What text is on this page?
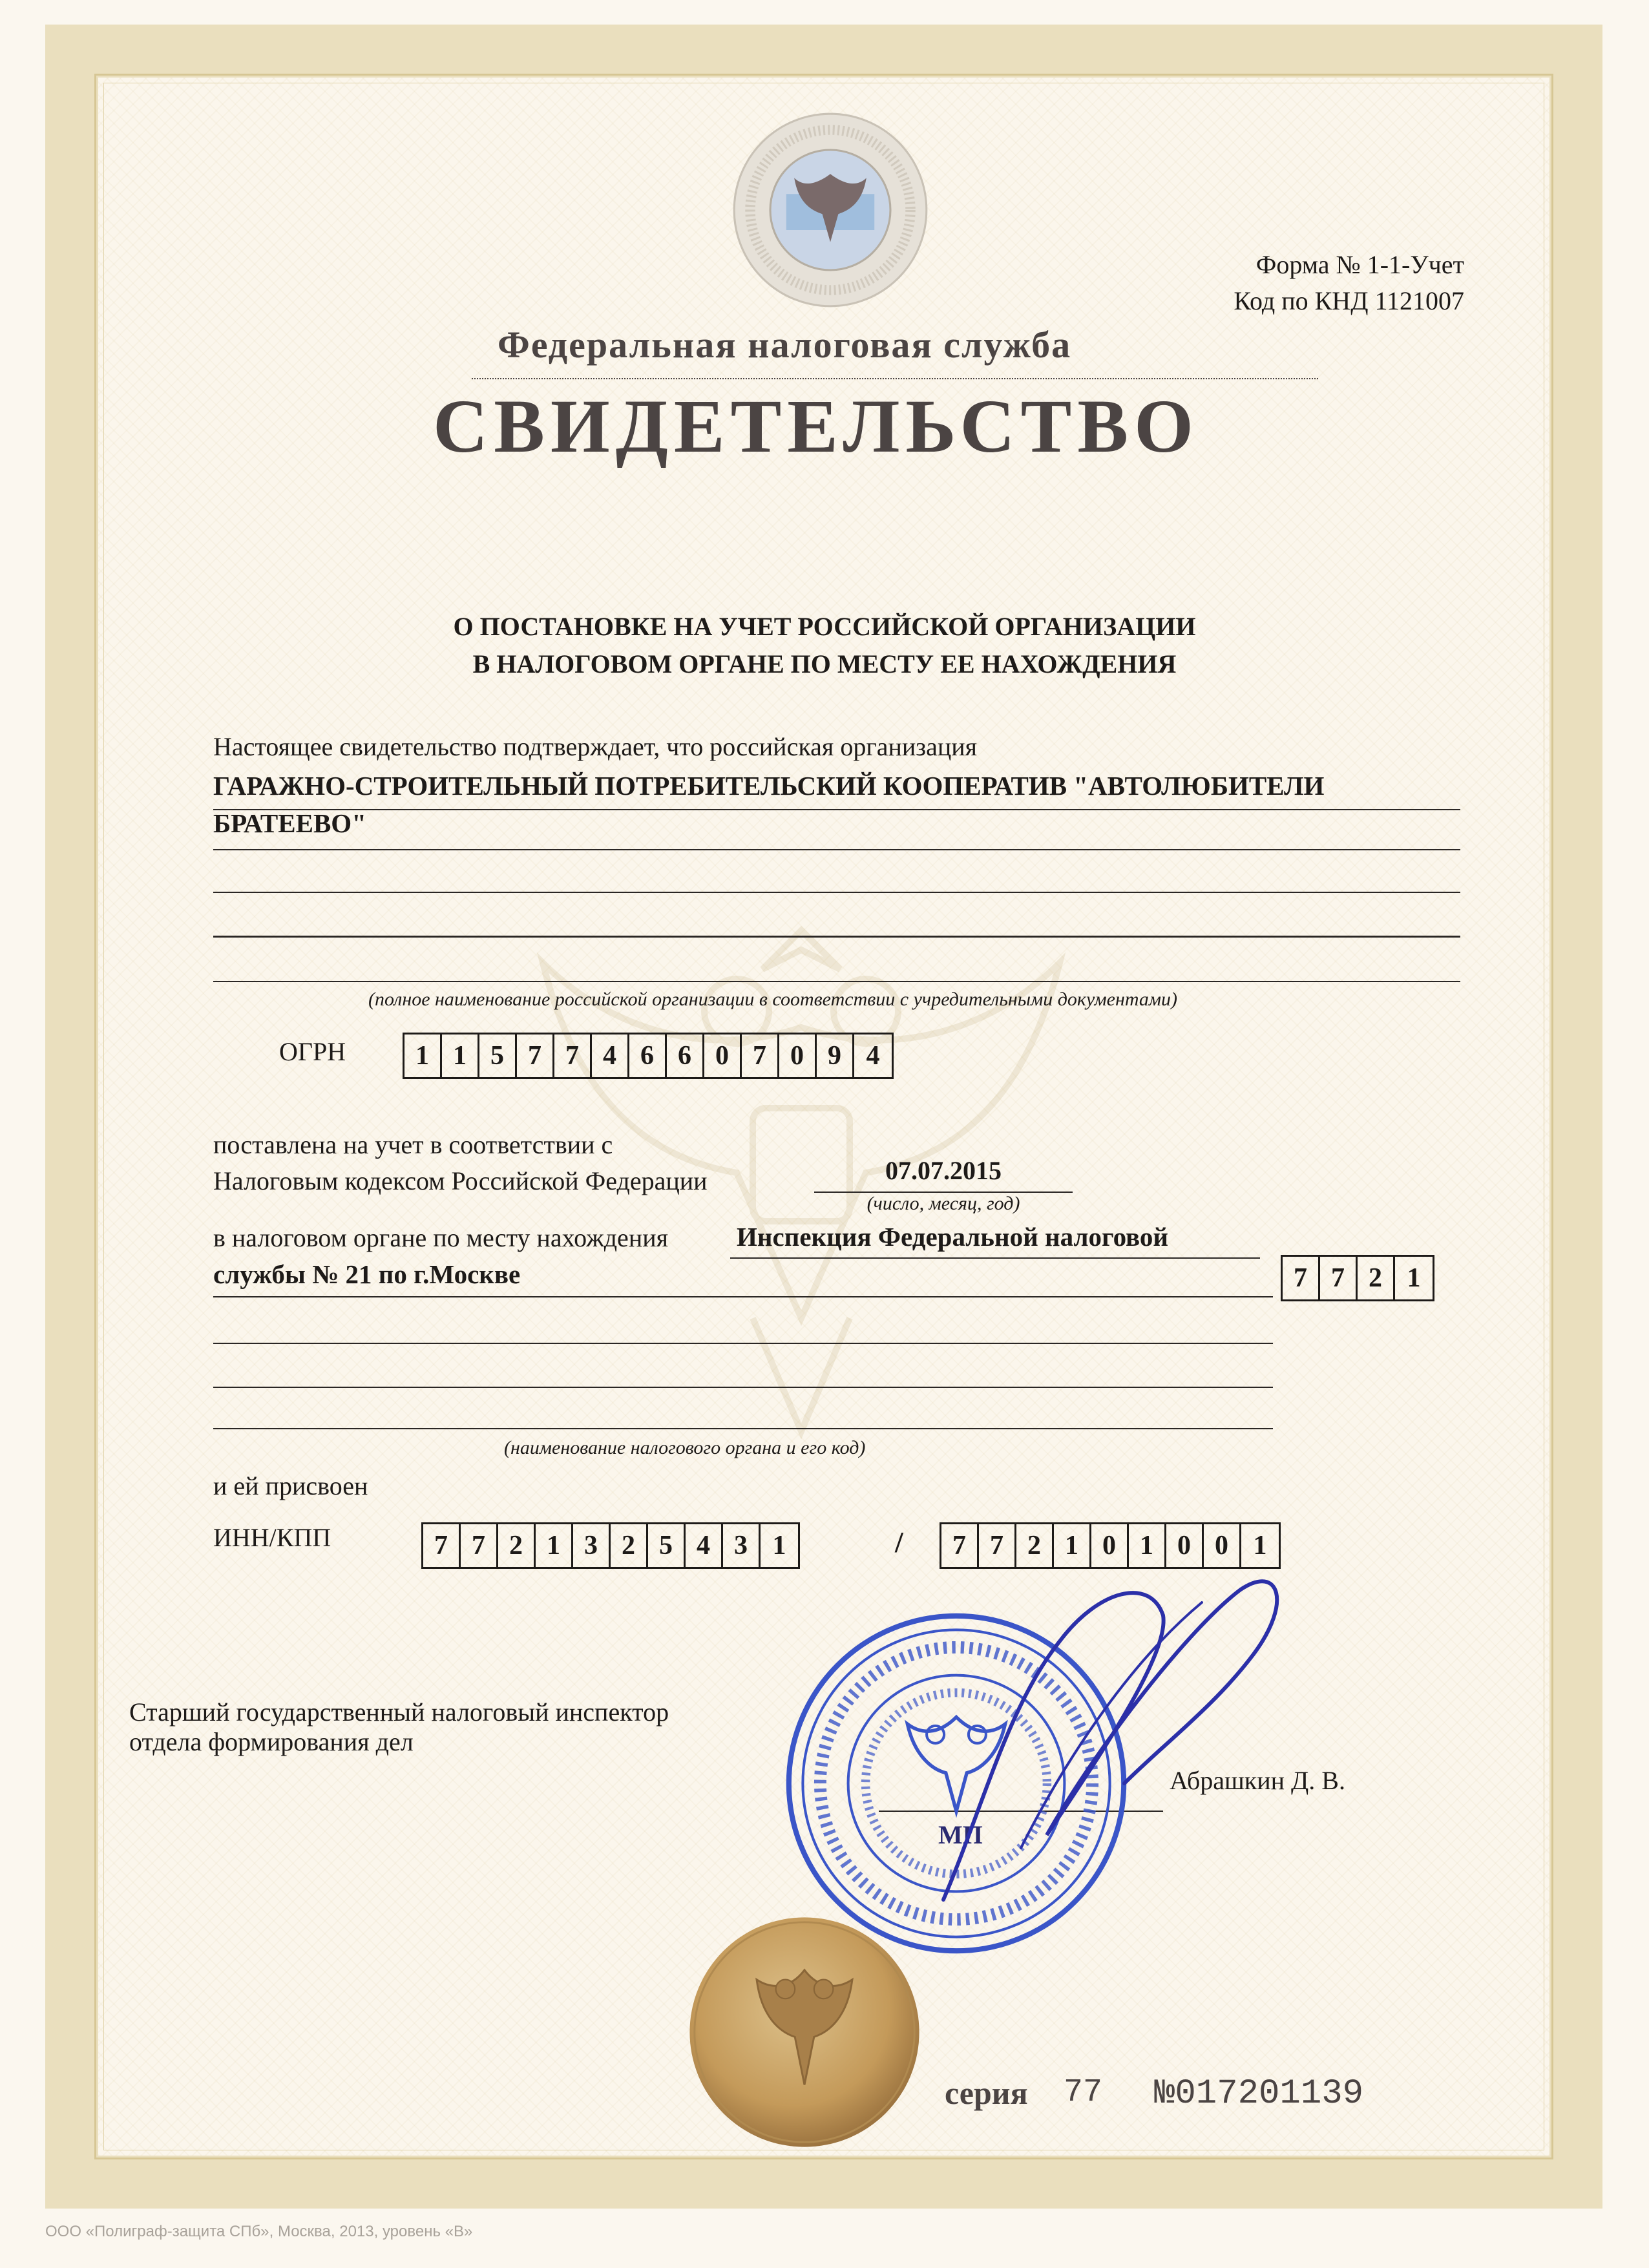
Форма № 1-1-Учет
Код по КНД 1121007
Федеральная налоговая служба
СВИДЕТЕЛЬСТВО
О ПОСТАНОВКЕ НА УЧЕТ РОССИЙСКОЙ ОРГАНИЗАЦИИ
В НАЛОГОВОМ ОРГАНЕ ПО МЕСТУ ЕЕ НАХОЖДЕНИЯ
Настоящее свидетельство подтверждает, что российская организация
ГАРАЖНО-СТРОИТЕЛЬНЫЙ ПОТРЕБИТЕЛЬСКИЙ КООПЕРАТИВ "АВТОЛЮБИТЕЛИ
БРАТЕЕВО"
(полное наименование российской организации в соответствии с учредительными документами)
ОГРН	1 1 5 7 7 4 6 6 0 7 0 9 4
поставлена на учет в соответствии с
Налоговым кодексом Российской Федерации	07.07.2015
(число, месяц, год)
в налоговом органе по месту нахождения	Инспекция Федеральной налоговой
службы № 21 по г.Москве	7 7 2 1
(наименование налогового органа и его код)
и ей присвоен
ИНН/КПП	7 7 2 1 3 2 5 4 3 1	/	7 7 2 1 0 1 0 0 1
Старший государственный налоговый инспектор
отдела формирования дел
Абрашкин Д. В.
МП
серия 77 №017201139
ООО «Полиграф-защита СПб», Москва, 2013, уровень «В»
